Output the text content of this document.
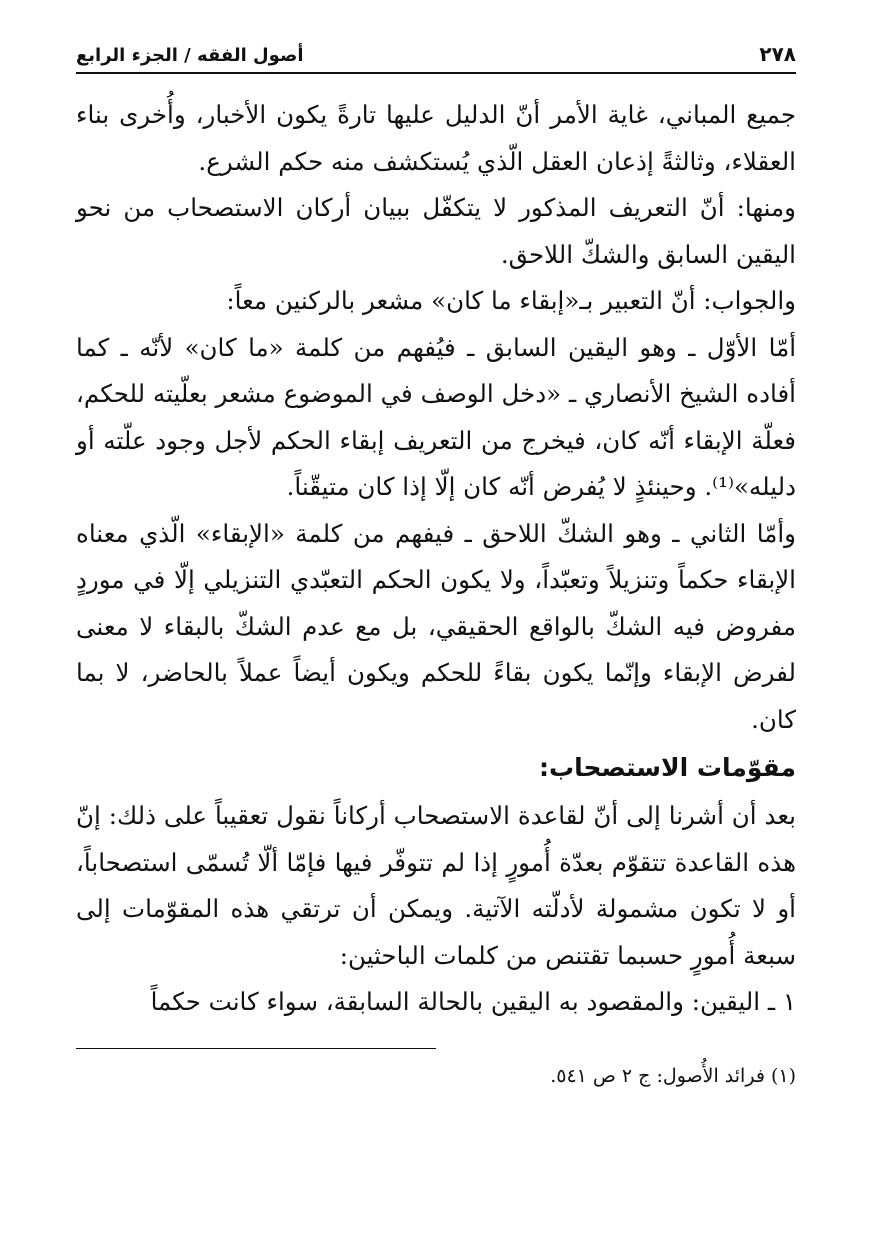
٢٧٨
أصول الفقه / الجزء الرابع

جميع المباني، غاية الأمر أنّ الدليل عليها تارةً يكون الأخبار، وأُخرى بناء العقلاء، وثالثةً إذعان العقل الّذي يُستكشف منه حكم الشرع.

ومنها: أنّ التعريف المذكور لا يتكفّل ببيان أركان الاستصحاب من نحو اليقين السابق والشكّ اللاحق.

والجواب: أنّ التعبير بـ«إبقاء ما كان» مشعر بالركنين معاً:

أمّا الأوّل ـ وهو اليقين السابق ـ فيُفهم من كلمة «ما كان» لأنّه ـ كما أفاده الشيخ الأنصاري ـ «دخل الوصف في الموضوع مشعر بعلّيته للحكم، فعلّة الإبقاء أنّه كان، فيخرج من التعريف إبقاء الحكم لأجل وجود علّته أو دليله»⁽¹⁾. وحينئذٍ لا يُفرض أنّه كان إلّا إذا كان متيقّناً.

وأمّا الثاني ـ وهو الشكّ اللاحق ـ فيفهم من كلمة «الإبقاء» الّذي معناه الإبقاء حكماً وتنزيلاً وتعبّداً، ولا يكون الحكم التعبّدي التنزيلي إلّا في موردٍ مفروض فيه الشكّ بالواقع الحقيقي، بل مع عدم الشكّ بالبقاء لا معنى لفرض الإبقاء وإنّما يكون بقاءً للحكم ويكون أيضاً عملاً بالحاضر، لا بما كان.

مقوّمات الاستصحاب:

بعد أن أشرنا إلى أنّ لقاعدة الاستصحاب أركاناً نقول تعقيباً على ذلك: إنّ هذه القاعدة تتقوّم بعدّة أُمورٍ إذا لم تتوفّر فيها فإمّا ألّا تُسمّى استصحاباً، أو لا تكون مشمولة لأدلّته الآتية. ويمكن أن ترتقي هذه المقوّمات إلى سبعة أُمورٍ حسبما تقتنص من كلمات الباحثين:

١ ـ اليقين: والمقصود به اليقين بالحالة السابقة، سواء كانت حكماً

(١) فرائد الأُصول: ج ٢ ص ٥٤١.
